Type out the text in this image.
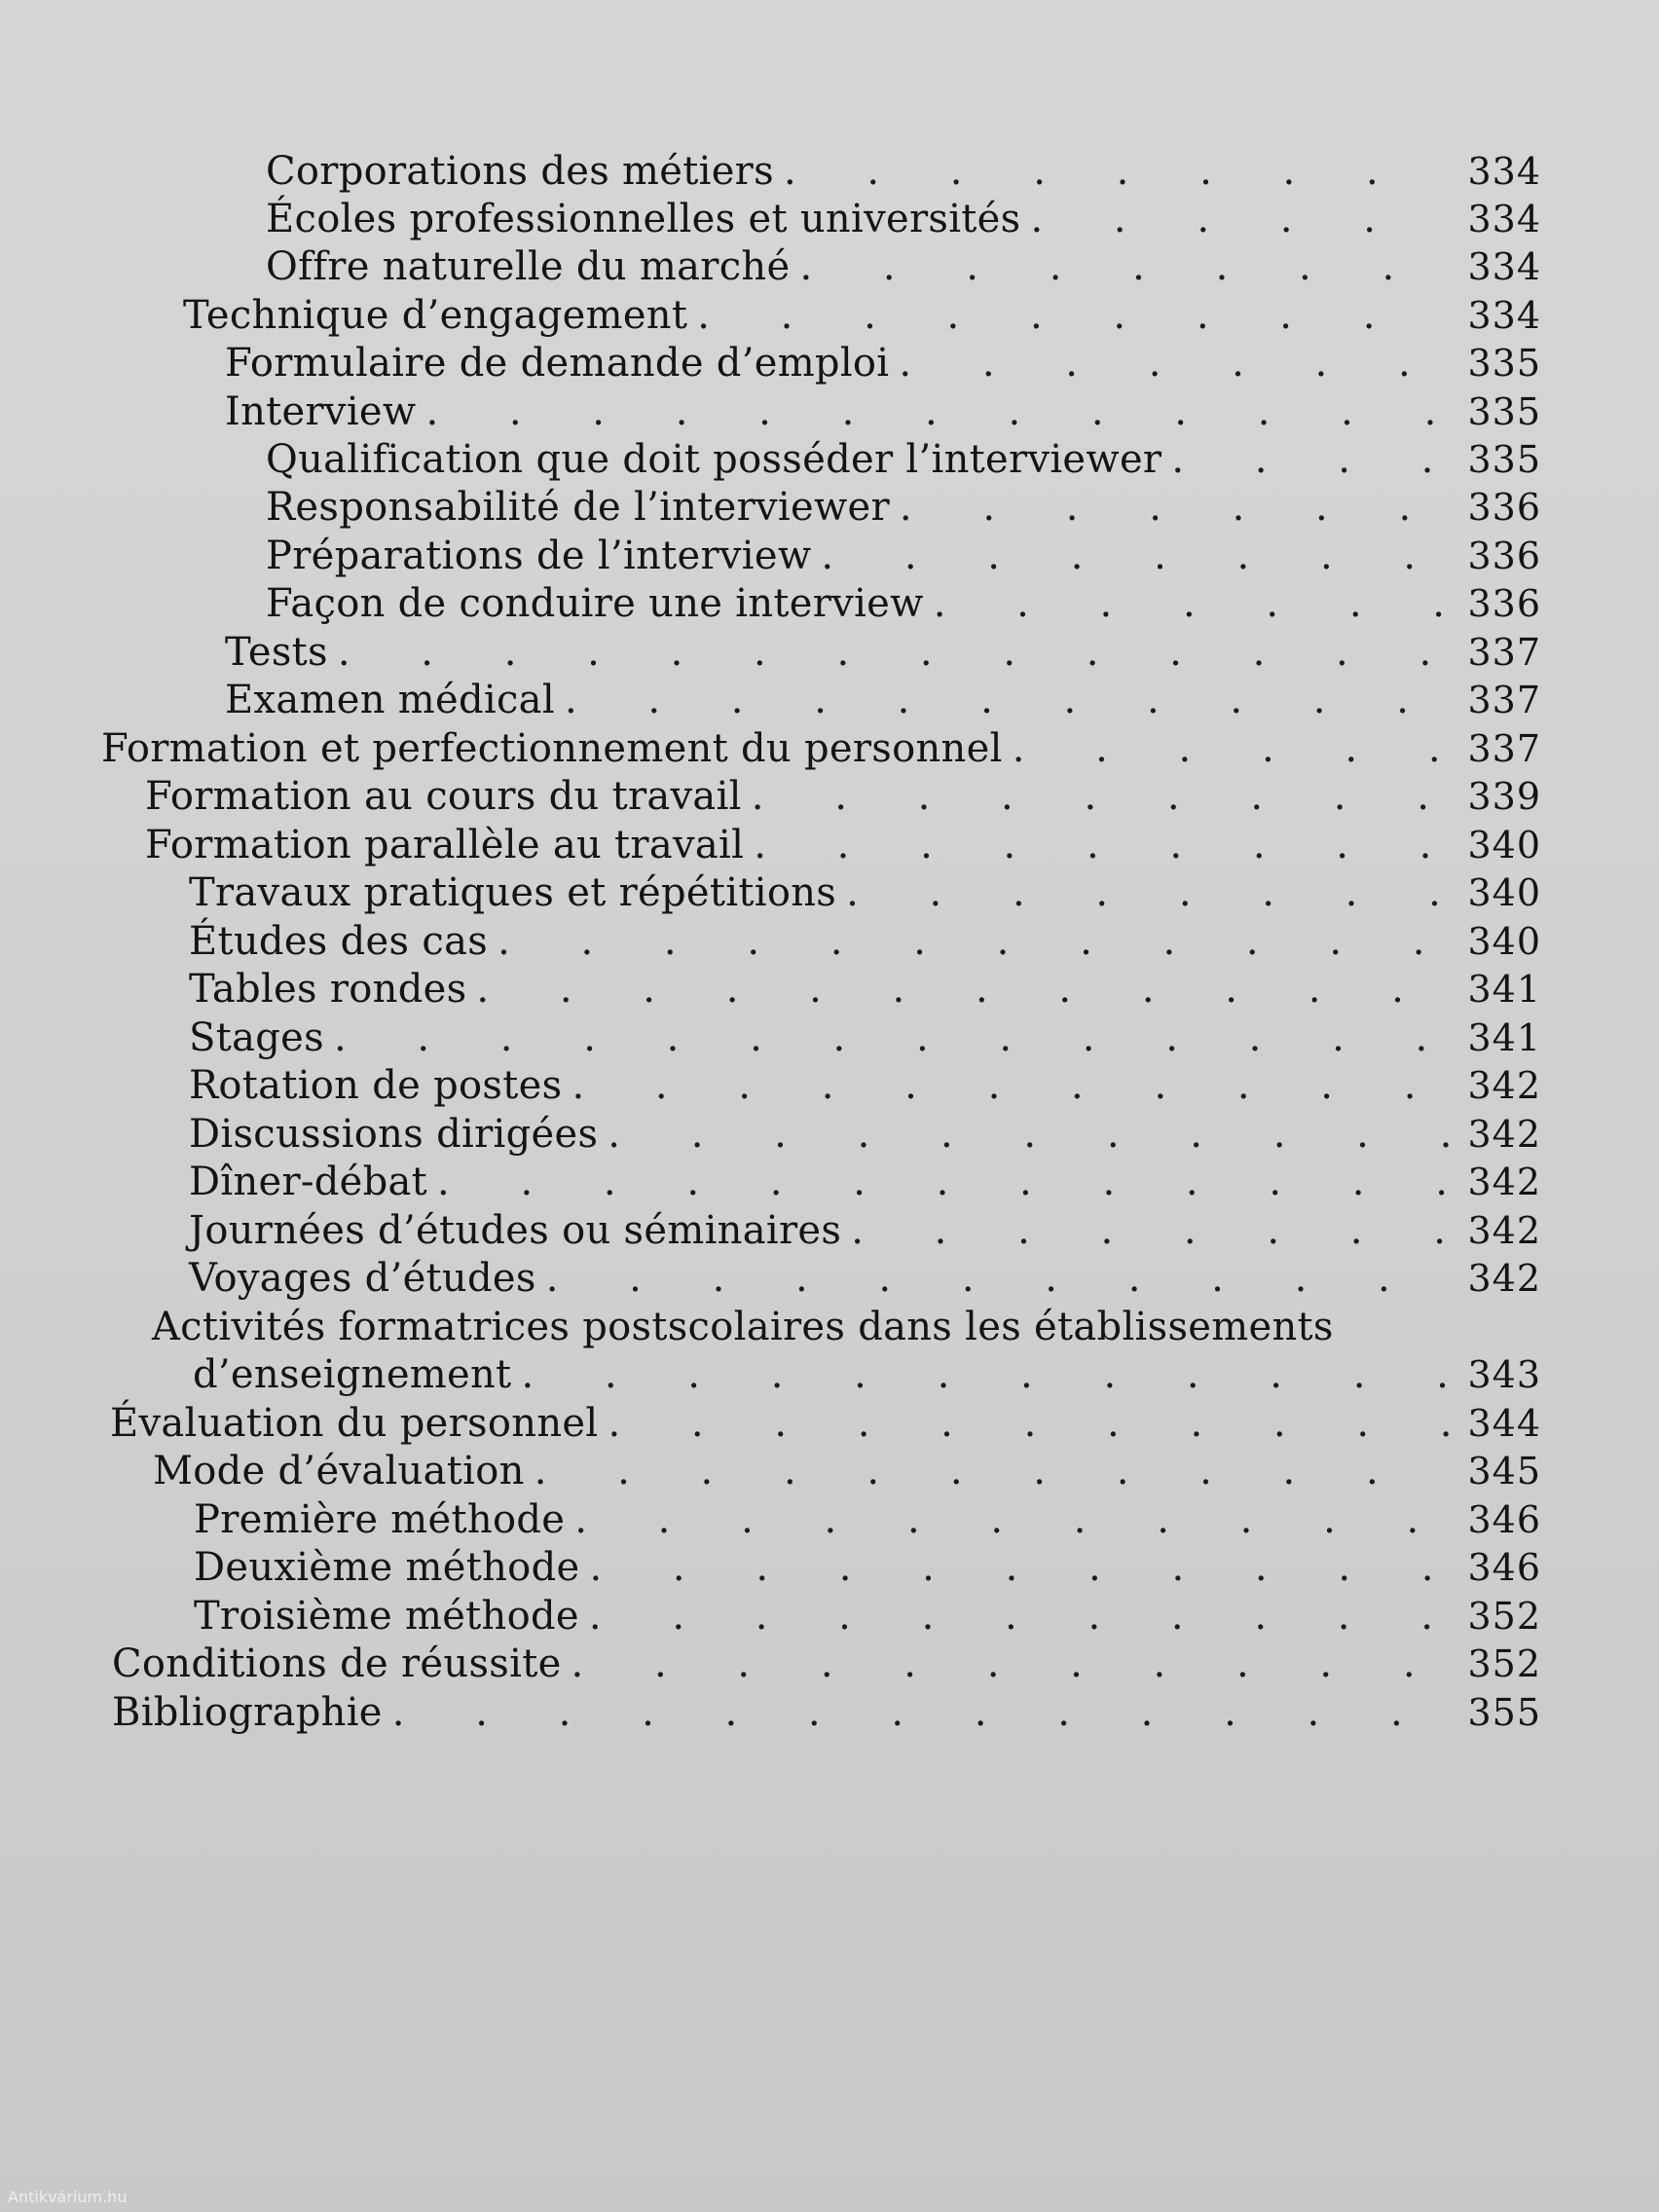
Corporations des métiers . . .	334
Écoles professionnelles et universités . . .	334
Offre naturelle du marché . . .	334
Technique d’engagement . . .	334
Formulaire de demande d’emploi . . .	335
Interview . . .	335
Qualification que doit posséder l’interviewer . . .	335
Responsabilité de l’interviewer . . .	336
Préparations de l’interview . . .	336
Façon de conduire une interview . . .	336
Tests . . .	337
Examen médical . . .	337
Formation et perfectionnement du personnel . . .	337
Formation au cours du travail . . .	339
Formation parallèle au travail . . .	340
Travaux pratiques et répétitions . . .	340
Études des cas . . .	340
Tables rondes . . .	341
Stages . . .	341
Rotation de postes . . .	342
Discussions dirigées . . .	342
Dîner-débat . . .	342
Journées d’études ou séminaires . . .	342
Voyages d’études . . .	342
Activités formatrices postscolaires dans les établissements
d’enseignement . . .	343
Évaluation du personnel . . .	344
Mode d’évaluation . . .	345
Première méthode . . .	346
Deuxième méthode . . .	346
Troisième méthode . . .	352
Conditions de réussite . . .	352
Bibliographie . . .	355
Antikvárium.hu
